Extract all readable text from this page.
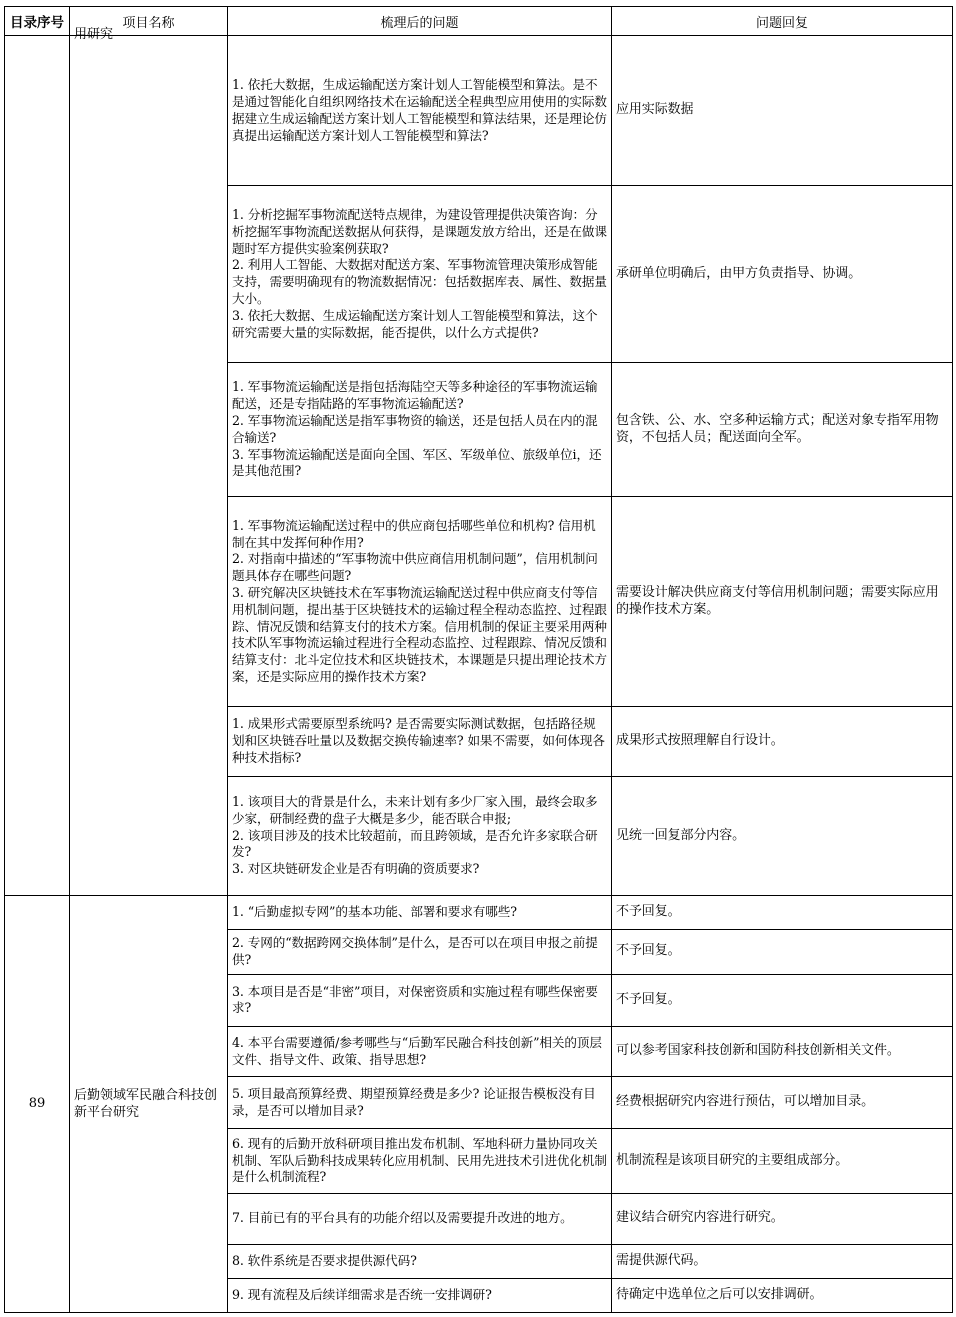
目录序号	项目名称	梳理后的问题	问题回复

	用研究	1. 依托大数据，生成运输配送方案计划人工智能模型和算法。是不是通过智能化自组织网络技术在运输配送全程典型应用使用的实际数据建立生成运输配送方案计划人工智能模型和算法结果，还是理论仿真提出运输配送方案计划人工智能模型和算法?	应用实际数据

		1. 分析挖掘军事物流配送特点规律，为建设管理提供决策咨询：分析挖掘军事物流配送数据从何获得，是课题发放方给出，还是在做课题时军方提供实验案例获取?
2. 利用人工智能、大数据对配送方案、军事物流管理决策形成智能支持，需要明确现有的物流数据情况：包括数据库表、属性、数据量大小。
3. 依托大数据、生成运输配送方案计划人工智能模型和算法，这个研究需要大量的实际数据，能否提供，以什么方式提供?	承研单位明确后，由甲方负责指导、协调。

		1. 军事物流运输配送是指包括海陆空天等多种途径的军事物流运输配送，还是专指陆路的军事物流运输配送?
2. 军事物流运输配送是指军事物资的输送，还是包括人员在内的混合输送?
3. 军事物流运输配送是面向全国、军区、军级单位、旅级单位i，还是其他范围?	包含铁、公、水、空多种运输方式；配送对象专指军用物资，不包括人员；配送面向全军。

		1. 军事物流运输配送过程中的供应商包括哪些单位和机构? 信用机制在其中发挥何种作用?
2. 对指南中描述的“军事物流中供应商信用机制问题”，信用机制问题具体存在哪些问题?
3. 研究解决区块链技术在军事物流运输配送过程中供应商支付等信用机制问题，提出基于区块链技术的运输过程全程动态监控、过程跟踪、情况反馈和结算支付的技术方案。信用机制的保证主要采用两种技术队军事物流运输过程进行全程动态监控、过程跟踪、情况反馈和结算支付：北斗定位技术和区块链技术，本课题是只提出理论技术方案，还是实际应用的操作技术方案?	需要设计解决供应商支付等信用机制问题；需要实际应用的操作技术方案。
		1. 成果形式需要原型系统吗? 是否需要实际测试数据，包括路径规划和区块链吞吐量以及数据交换传输速率? 如果不需要，如何体现各种技术指标?	成果形式按照理解自行设计。

		1. 该项目大的背景是什么，未来计划有多少厂家入围，最终会取多少家，研制经费的盘子大概是多少，能否联合申报;
2. 该项目涉及的技术比较超前，而且跨领域，是否允许多家联合研发?
3. 对区块链研发企业是否有明确的资质要求?	见统一回复部分内容。
89	后勤领域军民融合科技创新平台研究	1. “后勤虚拟专网”的基本功能、部署和要求有哪些?	不予回复。
		2. 专网的“数据跨网交换体制”是什么，是否可以在项目申报之前提供?	不予回复。
		3. 本项目是否是“非密”项目，对保密资质和实施过程有哪些保密要求?	不予回复。
		4. 本平台需要遵循/参考哪些与“后勤军民融合科技创新”相关的顶层文件、指导文件、政策、指导思想?	可以参考国家科技创新和国防科技创新相关文件。
		5. 项目最高预算经费、期望预算经费是多少? 论证报告模板没有目录，是否可以增加目录?	经费根据研究内容进行预估，可以增加目录。
		6. 现有的后勤开放科研项目推出发布机制、军地科研力量协同攻关机制、军队后勤科技成果转化应用机制、民用先进技术引进优化机制是什么机制流程?	机制流程是该项目研究的主要组成部分。
		7. 目前已有的平台具有的功能介绍以及需要提升改进的地方。	建议结合研究内容进行研究。
		8. 软件系统是否要求提供源代码?	需提供源代码。
		9. 现有流程及后续详细需求是否统一安排调研?	待确定中选单位之后可以安排调研。
